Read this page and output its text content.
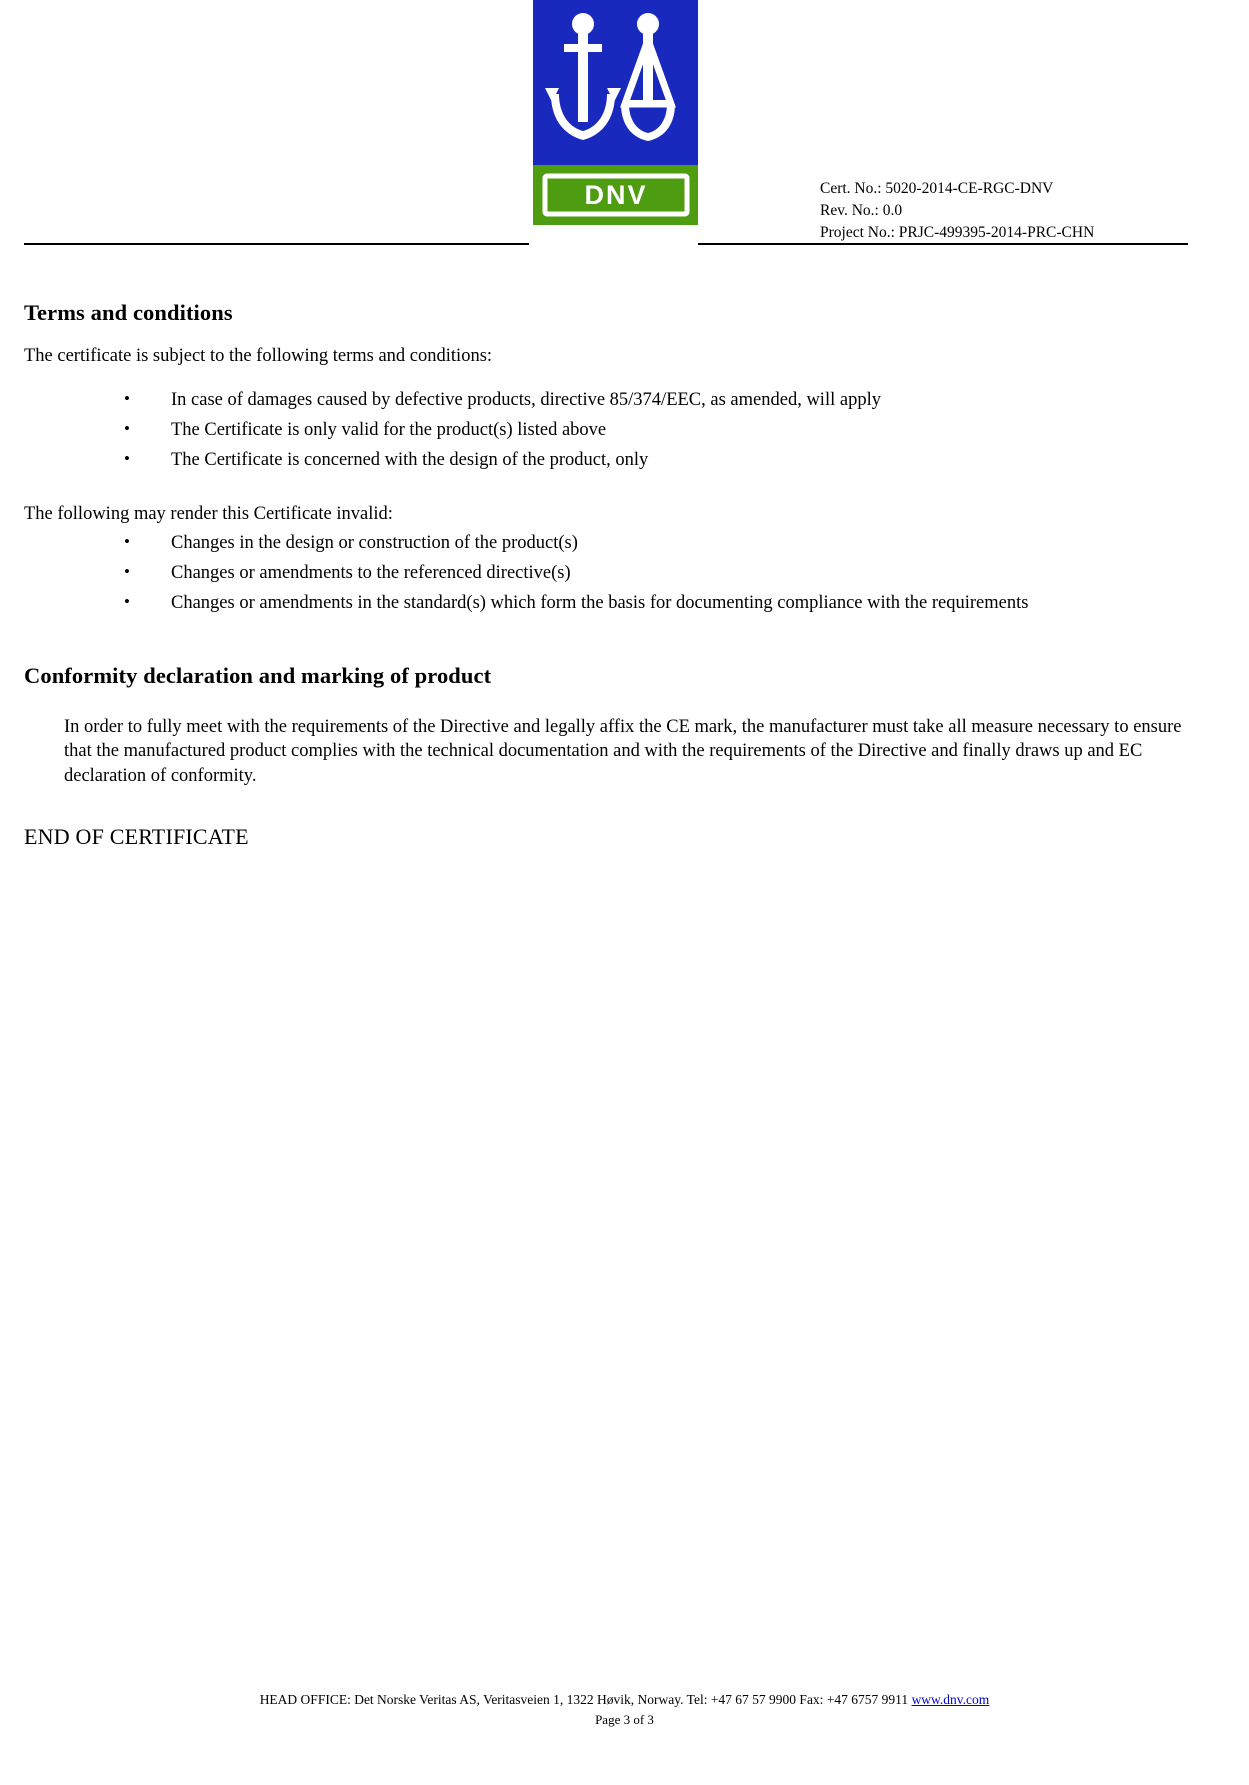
DNV	Cert. No.: 5020-2014-CE-RGC-DNV
Rev. No.: 0.0
Project No.: PRJC-499395-2014-PRC-CHN
Terms and conditions

The certificate is subject to the following terms and conditions:

• In case of damages caused by defective products, directive 85/374/EEC, as amended, will apply
• The Certificate is only valid for the product(s) listed above
• The Certificate is concerned with the design of the product, only

The following may render this Certificate invalid:

• Changes in the design or construction of the product(s)
• Changes or amendments to the referenced directive(s)
• Changes or amendments in the standard(s) which form the basis for documenting compliance with the requirements
Conformity declaration and marking of product

In order to fully meet with the requirements of the Directive and legally affix the CE mark, the manufacturer must take all measure necessary to ensure that the manufactured product complies with the technical documentation and with the requirements of the Directive and finally draws up and EC declaration of conformity.

END OF CERTIFICATE
HEAD OFFICE: Det Norske Veritas AS, Veritasveien 1, 1322 Høvik, Norway. Tel: +47 67 57 9900 Fax: +47 6757 9911 www.dnv.com
Page 3 of 3
